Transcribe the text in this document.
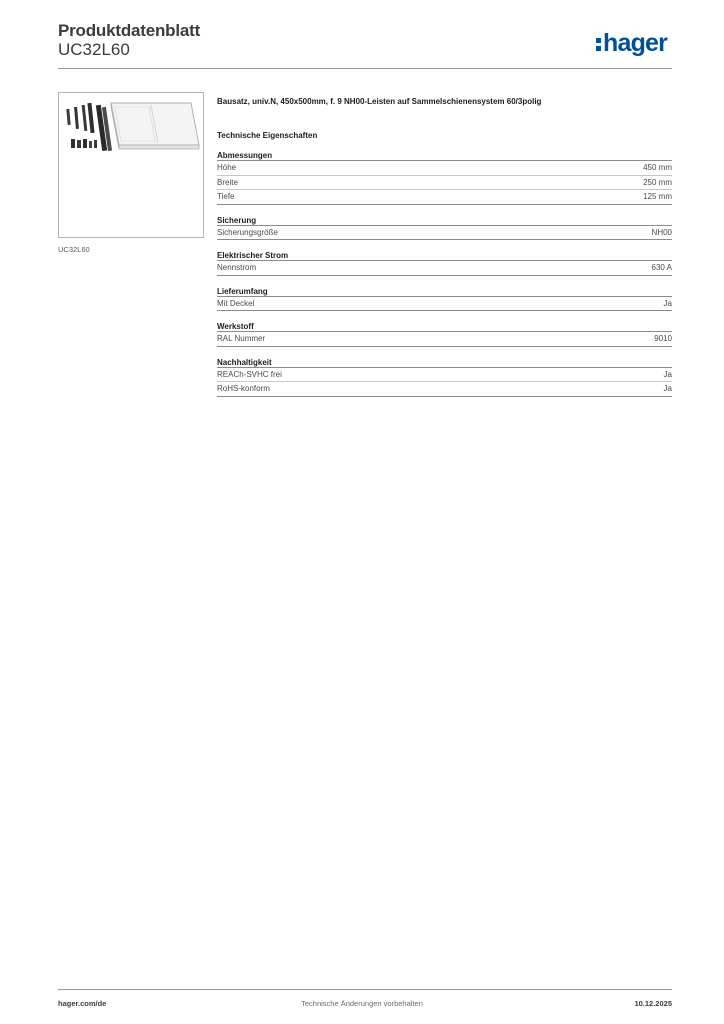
Produktdatenblatt
UC32L60	hager
UC32L60
Bausatz, univ.N, 450x500mm, f. 9 NH00-Leisten auf Sammelschienensystem 60/3polig
Technische Eigenschaften
Abmessungen
Höhe	450 mm
Breite	250 mm
Tiefe	125 mm
Sicherung
Sicherungsgröße	NH00
Elektrischer Strom
Nennstrom	630 A
Lieferumfang
Mit Deckel	Ja
Werkstoff
RAL Nummer	9010
Nachhaltigkeit
REACh-SVHC frei	Ja
RoHS-konform	Ja
hager.com/de	Technische Änderungen vorbehalten	10.12.2025
